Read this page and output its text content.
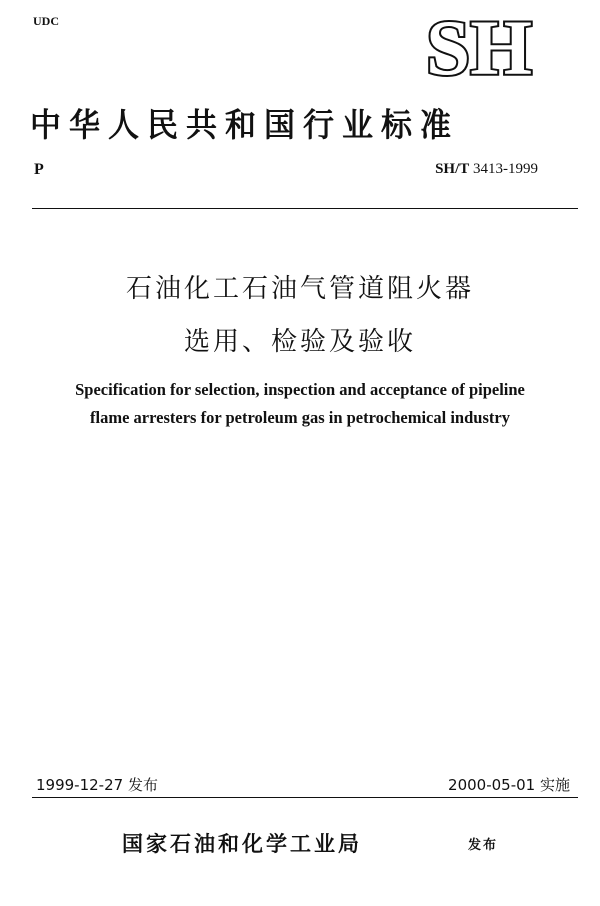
UDC	SH
中华人民共和国行业标准
P	SH/T 3413-1999
石油化工石油气管道阻火器
选用、检验及验收
Specification for selection, inspection and acceptance of pipeline
flame arresters for petroleum gas in petrochemical industry
1999-12-27 发布	2000-05-01 实施
国家石油和化学工业局	发布
